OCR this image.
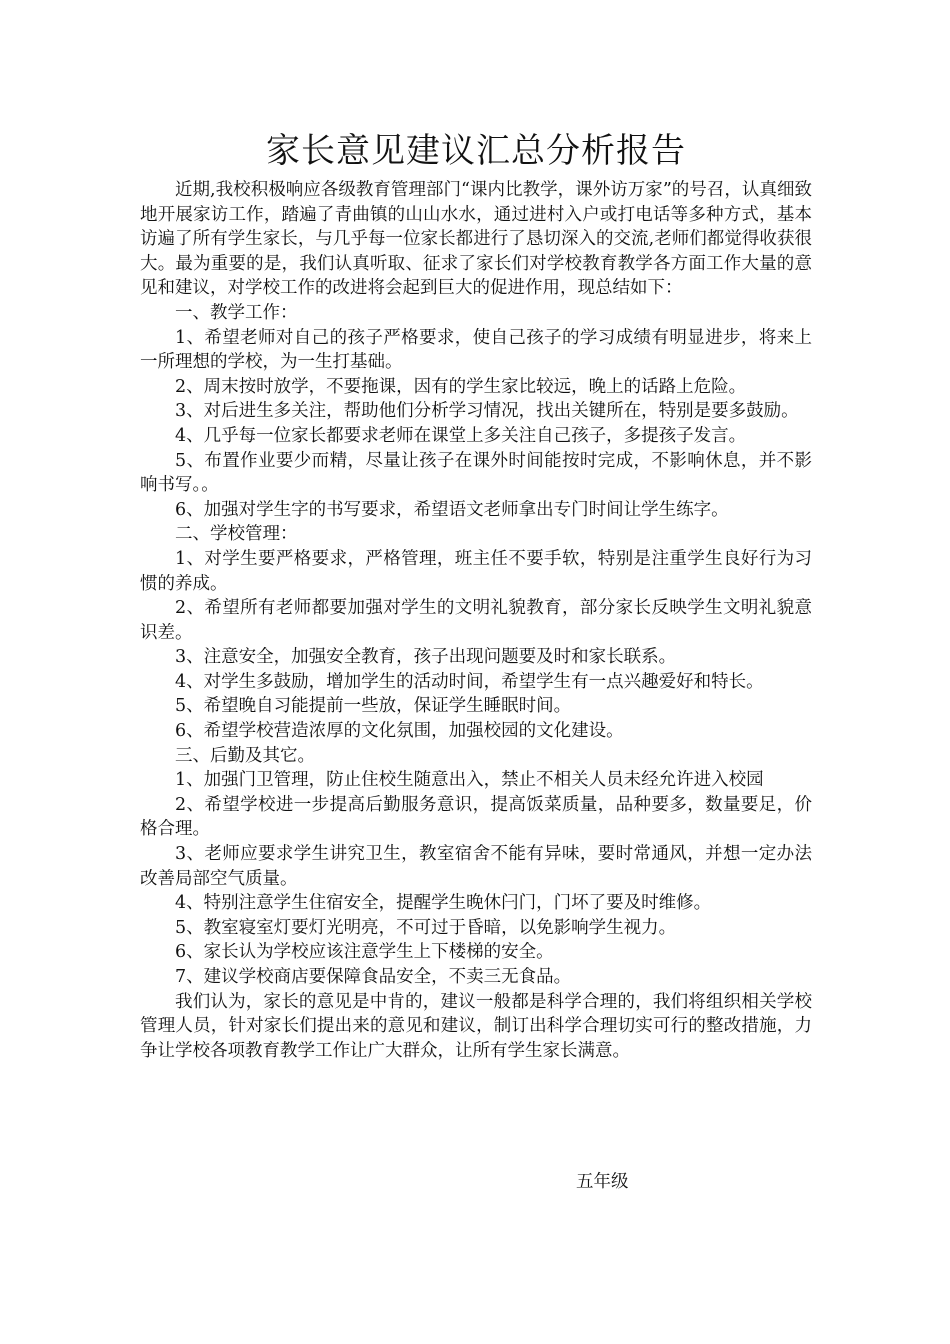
家长意见建议汇总分析报告

近期,我校积极响应各级教育管理部门“课内比教学，课外访万家”的号召，认真细致地开展家访工作，踏遍了青曲镇的山山水水，通过进村入户或打电话等多种方式，基本访遍了所有学生家长，与几乎每一位家长都进行了恳切深入的交流,老师们都觉得收获很大。最为重要的是，我们认真听取、征求了家长们对学校教育教学各方面工作大量的意见和建议，对学校工作的改进将会起到巨大的促进作用，现总结如下：

一、教学工作：

1、希望老师对自己的孩子严格要求，使自己孩子的学习成绩有明显进步，将来上一所理想的学校，为一生打基础。

2、周末按时放学，不要拖课，因有的学生家比较远，晚上的话路上危险。

3、对后进生多关注，帮助他们分析学习情况，找出关键所在，特别是要多鼓励。

4、几乎每一位家长都要求老师在课堂上多关注自己孩子，多提孩子发言。

5、布置作业要少而精，尽量让孩子在课外时间能按时完成，不影响休息，并不影响书写。。

6、加强对学生字的书写要求，希望语文老师拿出专门时间让学生练字。

二、学校管理：

1、对学生要严格要求，严格管理，班主任不要手软，特别是注重学生良好行为习惯的养成。

2、希望所有老师都要加强对学生的文明礼貌教育，部分家长反映学生文明礼貌意识差。

3、注意安全，加强安全教育，孩子出现问题要及时和家长联系。

4、对学生多鼓励，增加学生的活动时间，希望学生有一点兴趣爱好和特长。

5、希望晚自习能提前一些放，保证学生睡眠时间。

6、希望学校营造浓厚的文化氛围，加强校园的文化建设。

三、后勤及其它。

1、加强门卫管理，防止住校生随意出入，禁止不相关人员未经允许进入校园

2、希望学校进一步提高后勤服务意识，提高饭菜质量，品种要多，数量要足，价格合理。

3、老师应要求学生讲究卫生，教室宿舍不能有异味，要时常通风，并想一定办法改善局部空气质量。

4、特别注意学生住宿安全，提醒学生晚休闩门，门坏了要及时维修。

5、教室寝室灯要灯光明亮，不可过于昏暗，以免影响学生视力。

6、家长认为学校应该注意学生上下楼梯的安全。

7、建议学校商店要保障食品安全，不卖三无食品。

我们认为，家长的意见是中肯的，建议一般都是科学合理的，我们将组织相关学校管理人员，针对家长们提出来的意见和建议，制订出科学合理切实可行的整改措施，力争让学校各项教育教学工作让广大群众，让所有学生家长满意。

五年级
